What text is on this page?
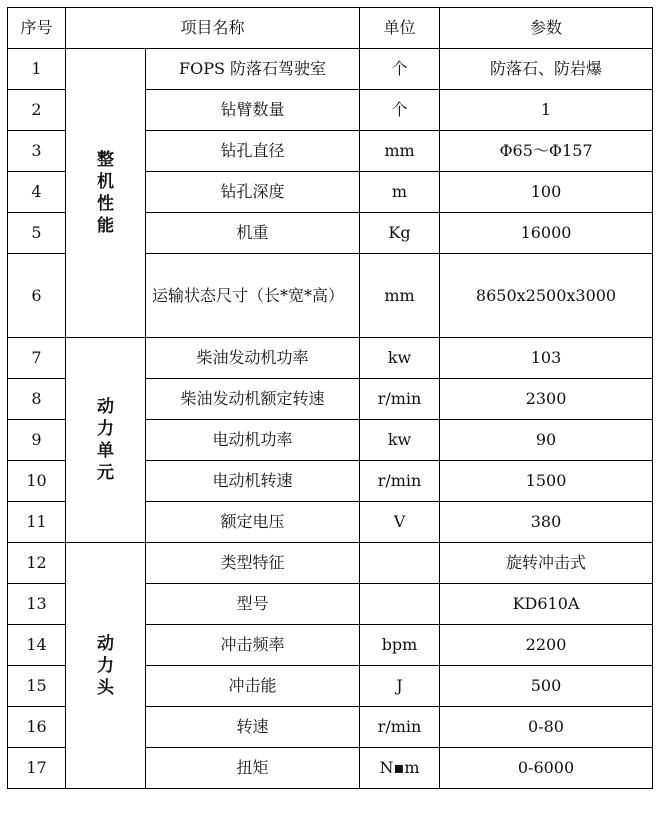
序号	项目名称		单位	参数
1	整机性能	FOPS 防落石驾驶室	个	防落石、防岩爆
2		钻臂数量	个	1
3		钻孔直径	mm	Φ65～Φ157
4		钻孔深度	m	100
5		机重	Kg	16000
6		运输状态尺寸（长*宽*高）	mm	8650x2500x3000
7	动力单元	柴油发动机功率	kw	103
8		柴油发动机额定转速	r/min	2300
9		电动机功率	kw	90
10		电动机转速	r/min	1500
11		额定电压	V	380
12	动力头	类型特征		旋转冲击式
13		型号		KD610A
14		冲击频率	bpm	2200
15		冲击能	J	500
16		转速	r/min	0-80
17		扭矩	N▪m	0-6000
